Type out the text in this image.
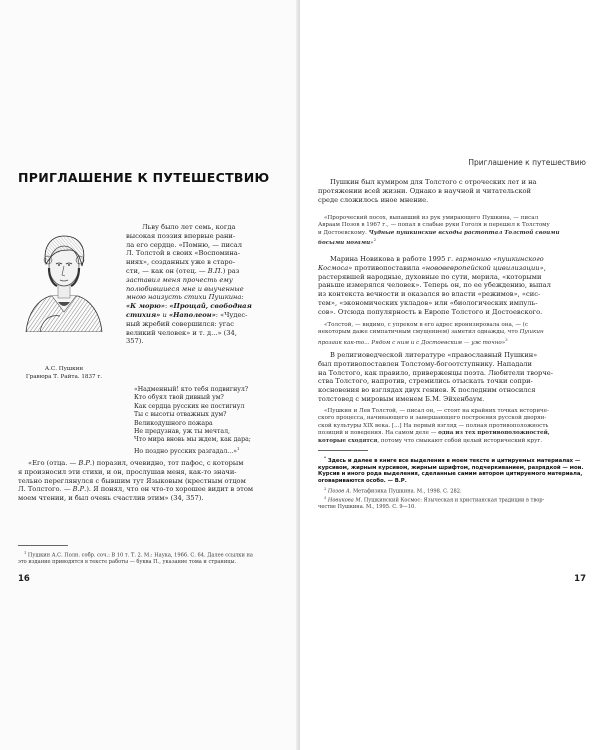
ПРИГЛАШЕНИЕ К ПУТЕШЕСТВИЮ

А.С. Пушкин

Гравюра Т. Райта. 1837 г.

Льву было лет семь, когда

высокая поэзия впервые рани-

ла его сердце. «Помню, — писал

Л. Толстой в своих «Воспомина-

ниях», созданных уже в старо-

сти, — как он (отец. — В.П.) раз

заставил меня прочесть ему

полюбившиеся мне и выученные

мною наизусть стихи Пушкина:

«К морю»: «Прощай, свободная

стихия» и «Наполеон»: «Чудес-

ный жребий совершился: угас

великий человек» и т. д...» (34,

357).

«Надменный! кто тебя подвигнул?

Кто обуял твой дивный ум?

Как сердца русских не постигнул

Ты с высоты отважных дум?

Великодушного пожара

Не предузнав, уж ты мечтал,

Что мира вновь мы ждем, как дара;

Но поздно русских разгадал...»$^1$

«Его (отца. — В.Р.) поразил, очевидно, тот пафос, с которым

я произносил эти стихи, и он, прослушав меня, как-то значи-

тельно переглянулся с бывшим тут Языковым (крестным отцом

Л. Толстого. — В.Р.). Я понял, что он что-то хорошее видит в этом

моем чтении, и был очень счастлив этим» (34, 357).

$^1$ Пушкин А.С. Полн. собр. соч.: В 10 т. Т. 2. М.: Наука, 1966. С. 64. Далее ссылки на

это издание приводятся в тексте работы — буква П., указание тома и страницы.

16
Приглашение к путешествию

Пушкин был кумиром для Толстого с отроческих лет и на

протяжении всей жизни. Однако в научной и читательской

среде сложилось иное мнение.

«Пророческий посох, выпавший из рук умирающего Пушкина, — писал

Авраам Позов в 1967 г., — попал в слабые руки Гоголя и перешел к Толстому

и Достоевскому. Чудные пушкинские всходы растоптал Толстой своими

босыми ногами»$^2$

Марина Новикова в работе 1995 г. гармонию «пушкинского

Космоса» противопоставила «нововевропейской цивилизации»,

растерявшей народные, духовные по сути, мерила, «которыми

раньше измерялся человек». Теперь он, по ее убеждению, выпал

из контекста вечности и оказался во власти «режимов», «сис-

тем», «экономических укладов» или «биологических импуль-

сов». Отсюда популярность в Европе Толстого и Достоевского.

«Толстой, — видимо, с упреком в его адрес иронизировала она, — (с

некоторым даже симпатичным смущением) заметил однажды, что Пушкин

прозаик как-то... Рядом с ним и с Достоевским — уж точно»$^3$

В религиоведческой литературе «православный Пушкин»

был противопоставлен Толстому-богоотступнику. Нападали

на Толстого, как правило, приверженцы поэта. Любители творче-

ства Толстого, напротив, стремились отыскать точки сопри-

косновения во взглядах двух гениев. К последним относился

толстовед с мировым именем Б.М. Эйхенбаум.

«Пушкин и Лев Толстой, — писал он, — стоят на крайних точках историче-

ского процесса, начинающего и завершающего построения русской дворян-

ской культуры XIX века. [...] На первый взгляд — полная противоположность

позиций и поведения. На самом деле — одна из тех противоположностей,

которые сходятся, потому что смыкают собой целый исторический круг.

* Здесь и далее в книге все выделения в моем тексте и цитируемых материалах —

курсивом, жирным курсивом, жирным шрифтом, подчеркиванием, разрядкой — мои.

Курсив и иного рода выделения, сделанные самим автором цитируемого материала,

оговариваются особо. — В.Р.

$^2$ Позов А. Метафизика Пушкина. М., 1998. С. 282.

$^3$ Новикова М. Пушкинский Космос: Языческая и христианская традиции в твор-

честве Пушкина. М., 1995. С. 9—10.

17
